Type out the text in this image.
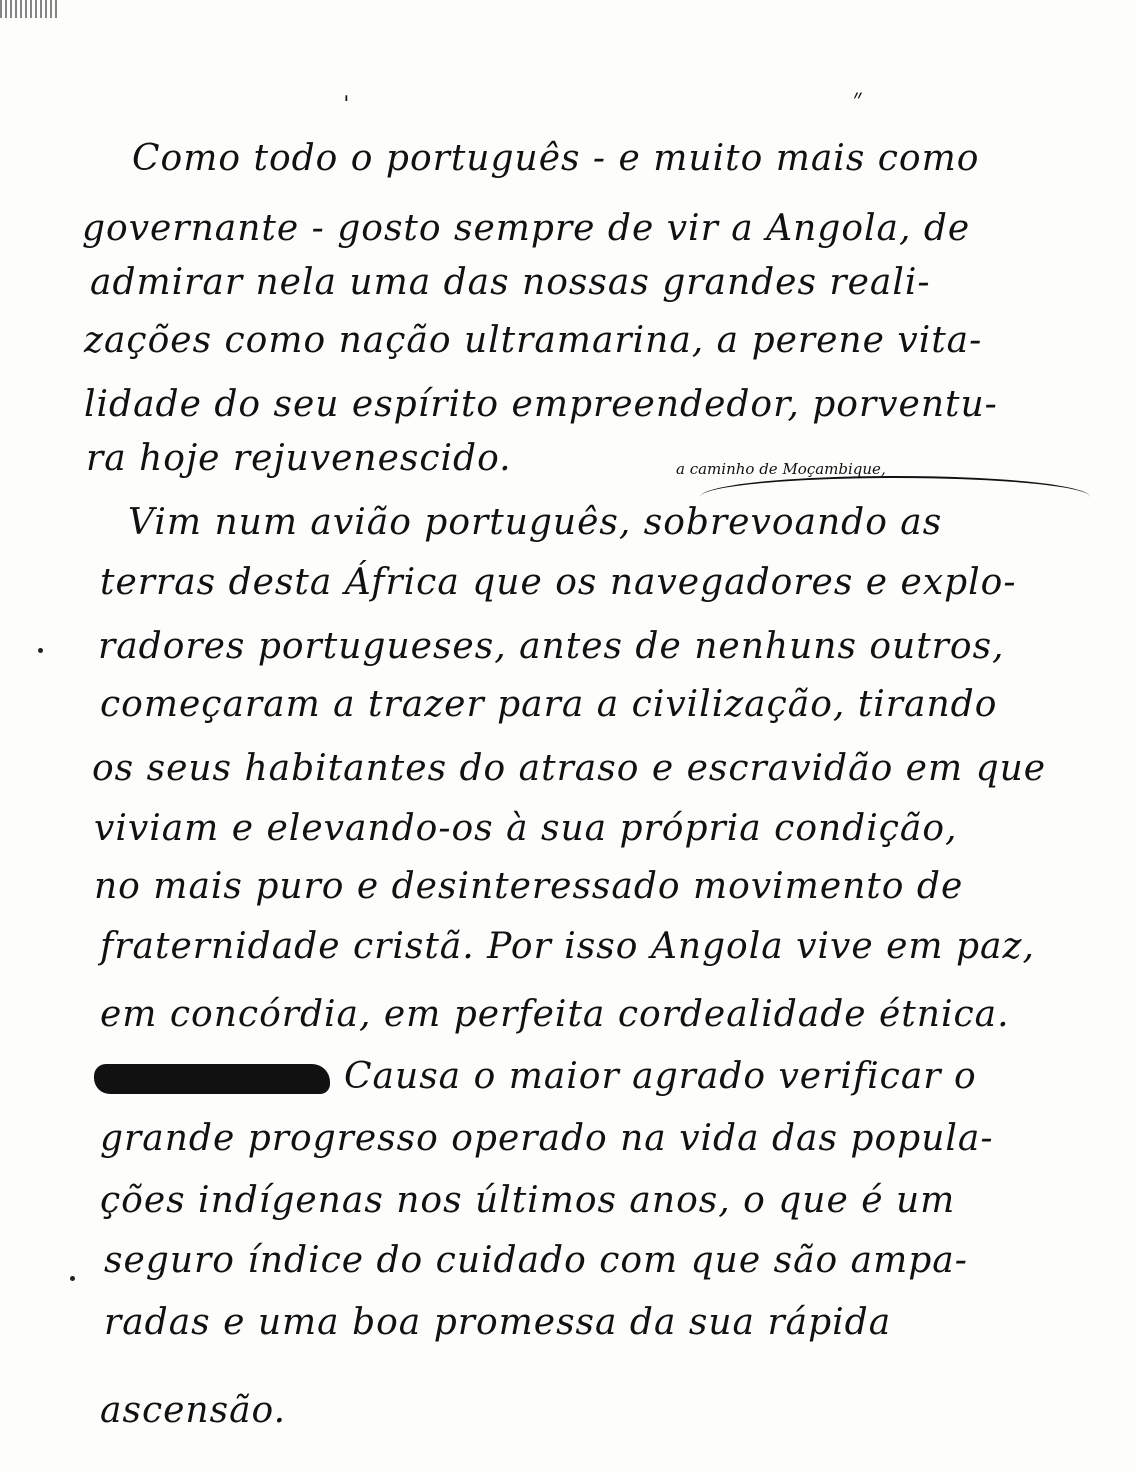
ˈ	״
a caminho de Moçambique,
Como todo o português - e muito mais como
governante - gosto sempre de vir a Angola, de
admirar nela uma das nossas grandes reali-
zações como nação ultramarina, a perene vita-
lidade do seu espírito empreendedor, porventu-
ra hoje rejuvenescido.
Vim num avião português, sobrevoando as
terras desta África que os navegadores e explo-
radores portugueses, antes de nenhuns outros,
começaram a trazer para a civilização, tirando
os seus habitantes do atraso e escravidão em que
viviam e elevando-os à sua própria condição,
no mais puro e desinteressado movimento de
fraternidade cristã. Por isso Angola vive em paz,
em concórdia, em perfeita cordealidade étnica.
Causa o maior agrado verificar o
grande progresso operado na vida das popula-
ções indígenas nos últimos anos, o que é um
seguro índice do cuidado com que são ampa-
radas e uma boa promessa da sua rápida
ascensão.
